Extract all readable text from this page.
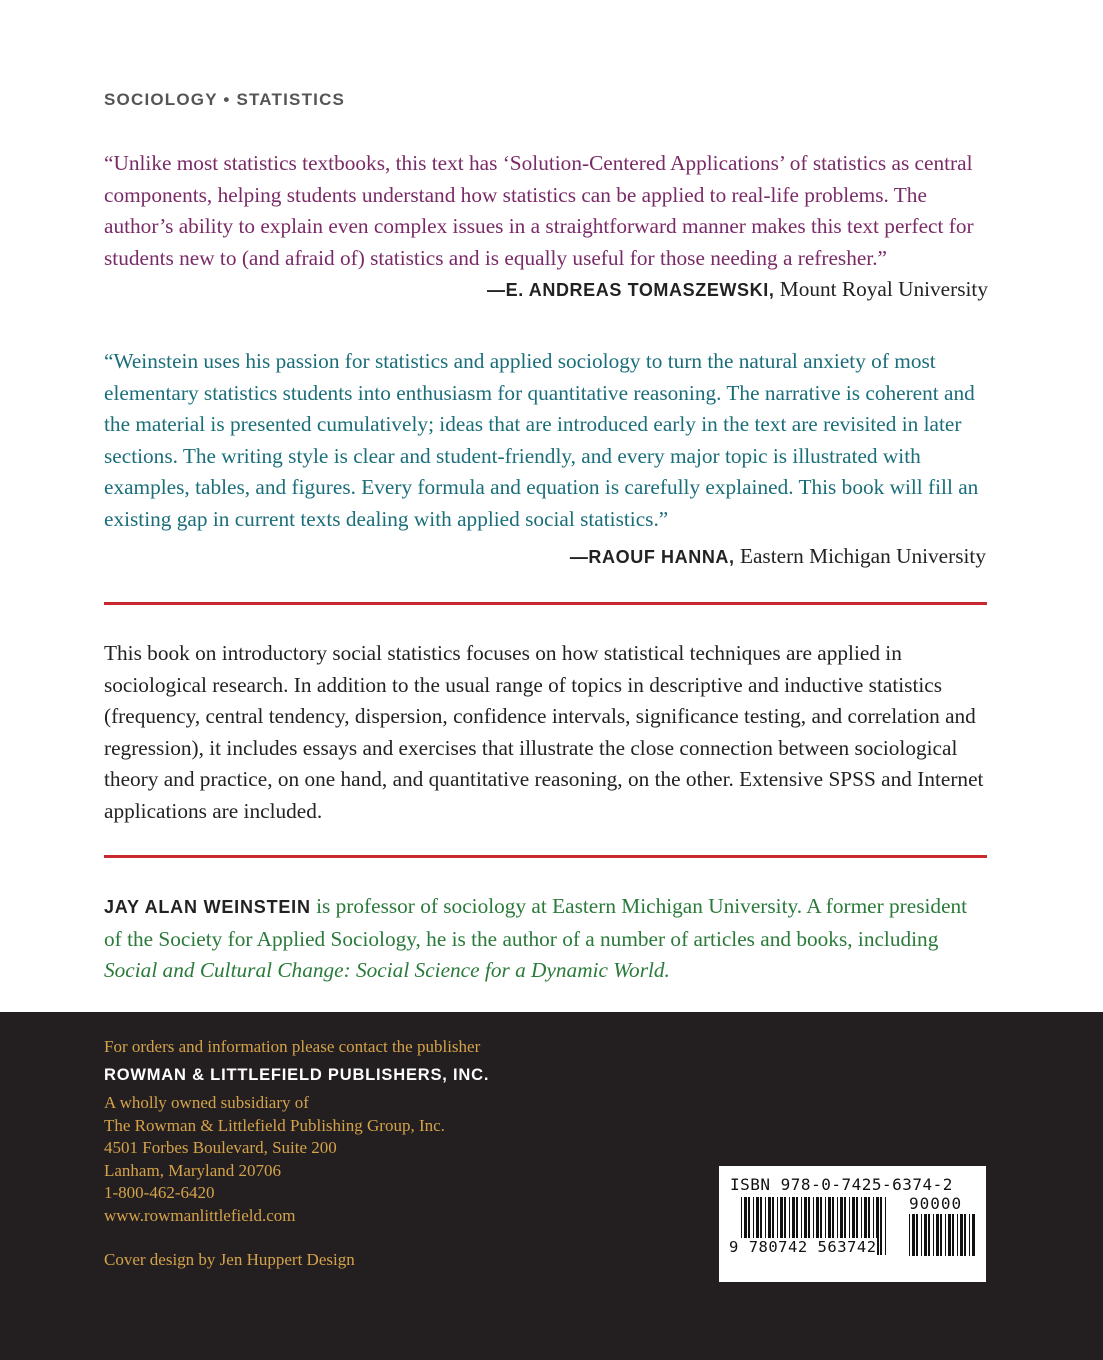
SOCIOLOGY • STATISTICS
“Unlike most statistics textbooks, this text has ‘Solution-Centered Applications’ of statistics as central components, helping students understand how statistics can be applied to real-life problems. The author’s ability to explain even complex issues in a straightforward manner makes this text perfect for students new to (and afraid of) statistics and is equally useful for those needing a refresher.”
—E. ANDREAS TOMASZEWSKI, Mount Royal University
“Weinstein uses his passion for statistics and applied sociology to turn the natural anxiety of most elementary statistics students into enthusiasm for quantitative reasoning. The narrative is coherent and the material is presented cumulatively; ideas that are introduced early in the text are revisited in later sections. The writing style is clear and student-friendly, and every major topic is illustrated with examples, tables, and figures. Every formula and equation is carefully explained. This book will fill an existing gap in current texts dealing with applied social statistics.”
—RAOUF HANNA, Eastern Michigan University
This book on introductory social statistics focuses on how statistical techniques are applied in sociological research. In addition to the usual range of topics in descriptive and inductive statistics (frequency, central tendency, dispersion, confidence intervals, significance testing, and correlation and regression), it includes essays and exercises that illustrate the close connection between sociological theory and practice, on one hand, and quantitative reasoning, on the other. Extensive SPSS and Internet applications are included.
JAY ALAN WEINSTEIN is professor of sociology at Eastern Michigan University. A former president of the Society for Applied Sociology, he is the author of a number of articles and books, including Social and Cultural Change: Social Science for a Dynamic World.
For orders and information please contact the publisher
ROWMAN & LITTLEFIELD PUBLISHERS, INC.
A wholly owned subsidiary of
The Rowman & Littlefield Publishing Group, Inc.
4501 Forbes Boulevard, Suite 200
Lanham, Maryland 20706
1-800-462-6420
www.rowmanlittlefield.com
Cover design by Jen Huppert Design
ISBN 978-0-7425-6374-2
90000
9 780742 563742
